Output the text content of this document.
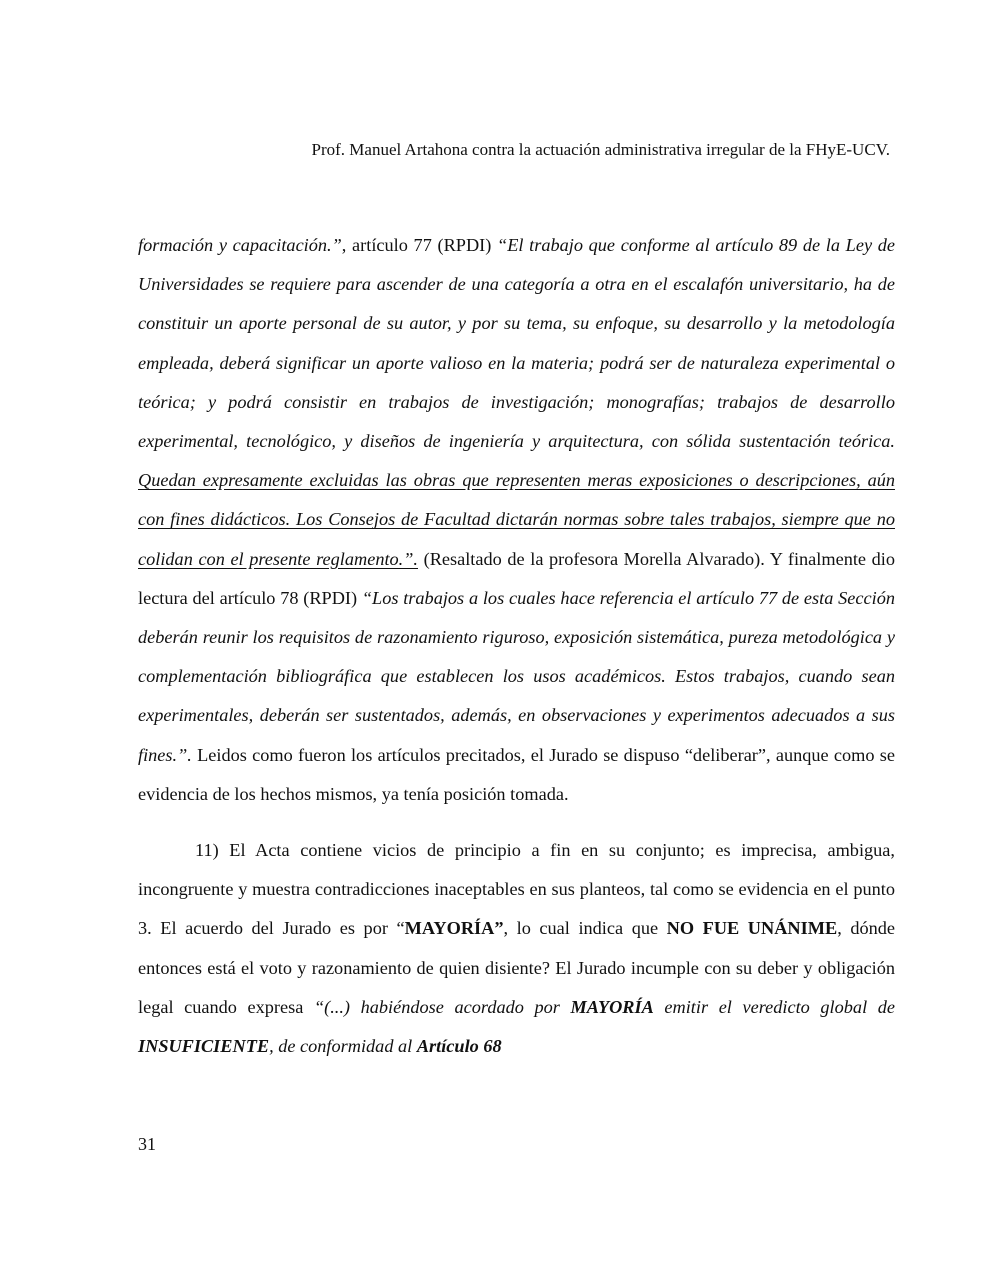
Prof. Manuel Artahona contra la actuación administrativa irregular de la FHyE-UCV.

formación y capacitación.”, artículo 77 (RPDI) “El trabajo que conforme al artículo 89 de la Ley de Universidades se requiere para ascender de una categoría a otra en el escalafón universitario, ha de constituir un aporte personal de su autor, y por su tema, su enfoque, su desarrollo y la metodología empleada, deberá significar un aporte valioso en la materia; podrá ser de naturaleza experimental o teórica; y podrá consistir en trabajos de investigación; monografías; trabajos de desarrollo experimental, tecnológico, y diseños de ingeniería y arquitectura, con sólida sustentación teórica. Quedan expresamente excluidas las obras que representen meras exposiciones o descripciones, aún con fines didácticos. Los Consejos de Facultad dictarán normas sobre tales trabajos, siempre que no colidan con el presente reglamento.”. (Resaltado de la profesora Morella Alvarado). Y finalmente dio lectura del artículo 78 (RPDI) “Los trabajos a los cuales hace referencia el artículo 77 de esta Sección deberán reunir los requisitos de razonamiento riguroso, exposición sistemática, pureza metodológica y complementación bibliográfica que establecen los usos académicos. Estos trabajos, cuando sean experimentales, deberán ser sustentados, además, en observaciones y experimentos adecuados a sus fines.”. Leidos como fueron los artículos precitados, el Jurado se dispuso “deliberar”, aunque como se evidencia de los hechos mismos, ya tenía posición tomada.

11) El Acta contiene vicios de principio a fin en su conjunto; es imprecisa, ambigua, incongruente y muestra contradicciones inaceptables en sus planteos, tal como se evidencia en el punto 3. El acuerdo del Jurado es por “MAYORÍA”, lo cual indica que NO FUE UNÁNIME, dónde entonces está el voto y razonamiento de quien disiente? El Jurado incumple con su deber y obligación legal cuando expresa “(...) habiéndose acordado por MAYORÍA emitir el veredicto global de INSUFICIENTE, de conformidad al Artículo 68

31
